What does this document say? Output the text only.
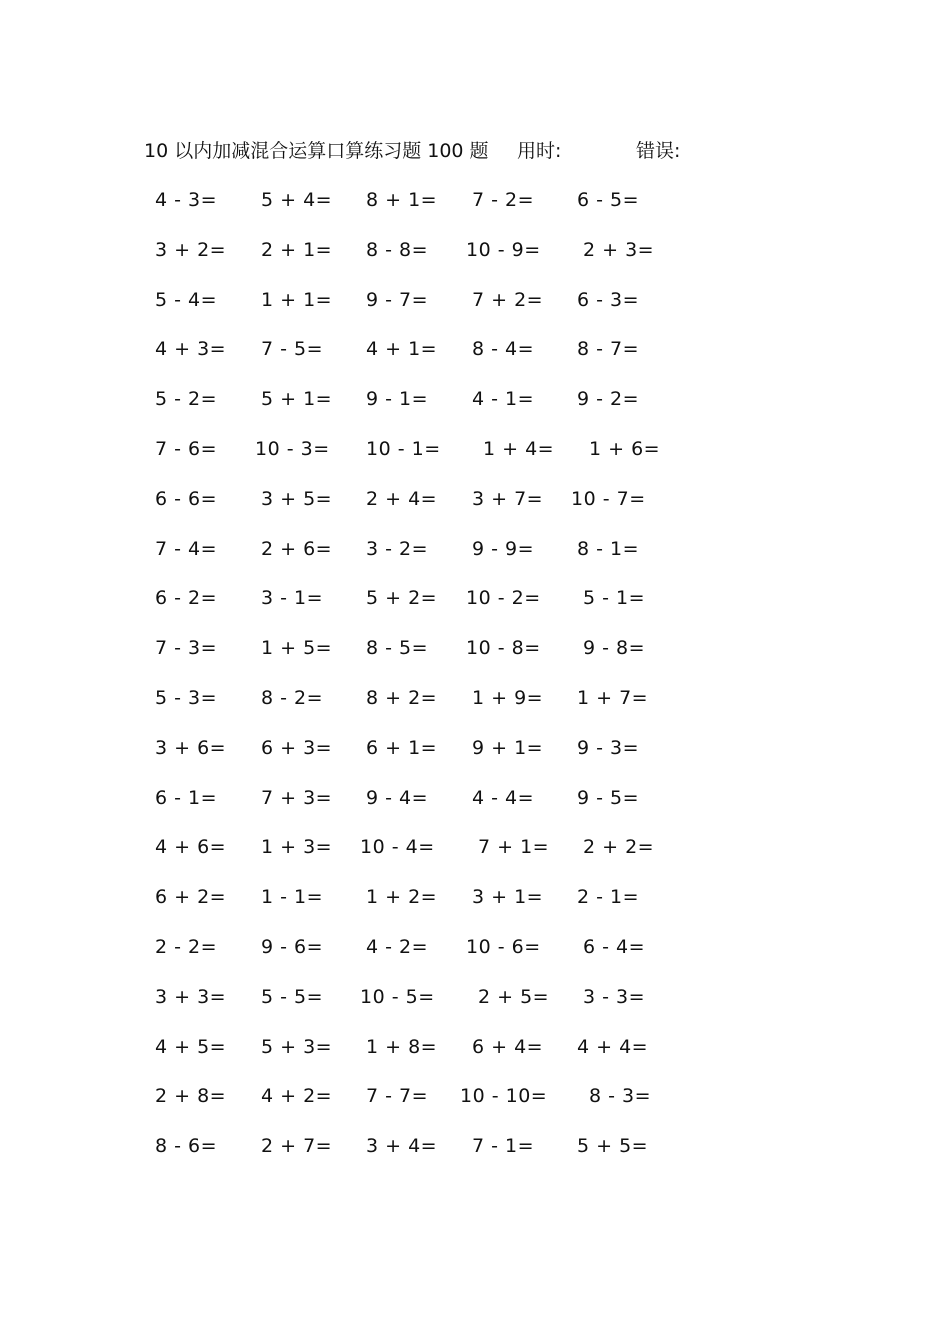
10 以内加减混合运算口算练习题 100 题 用时:	错误:
4 - 3= 5 + 4= 8 + 1= 7 - 2= 6 - 5=
3 + 2= 2 + 1= 8 - 8= 10 - 9= 2 + 3=
5 - 4= 1 + 1= 9 - 7= 7 + 2= 6 - 3=
4 + 3= 7 - 5= 4 + 1= 8 - 4= 8 - 7=
5 - 2= 5 + 1= 9 - 1= 4 - 1= 9 - 2=
7 - 6= 10 - 3= 10 - 1= 1 + 4= 1 + 6=
6 - 6= 3 + 5= 2 + 4= 3 + 7= 10 - 7=
7 - 4= 2 + 6= 3 - 2= 9 - 9= 8 - 1=
6 - 2= 3 - 1= 5 + 2= 10 - 2= 5 - 1=
7 - 3= 1 + 5= 8 - 5= 10 - 8= 9 - 8=
5 - 3= 8 - 2= 8 + 2= 1 + 9= 1 + 7=
3 + 6= 6 + 3= 6 + 1= 9 + 1= 9 - 3=
6 - 1= 7 + 3= 9 - 4= 4 - 4= 9 - 5=
4 + 6= 1 + 3= 10 - 4= 7 + 1= 2 + 2=
6 + 2= 1 - 1= 1 + 2= 3 + 1= 2 - 1=
2 - 2= 9 - 6= 4 - 2= 10 - 6= 6 - 4=
3 + 3= 5 - 5= 10 - 5= 2 + 5= 3 - 3=
4 + 5= 5 + 3= 1 + 8= 6 + 4= 4 + 4=
2 + 8= 4 + 2= 7 - 7= 10 - 10= 8 - 3=
8 - 6= 2 + 7= 3 + 4= 7 - 1= 5 + 5=
